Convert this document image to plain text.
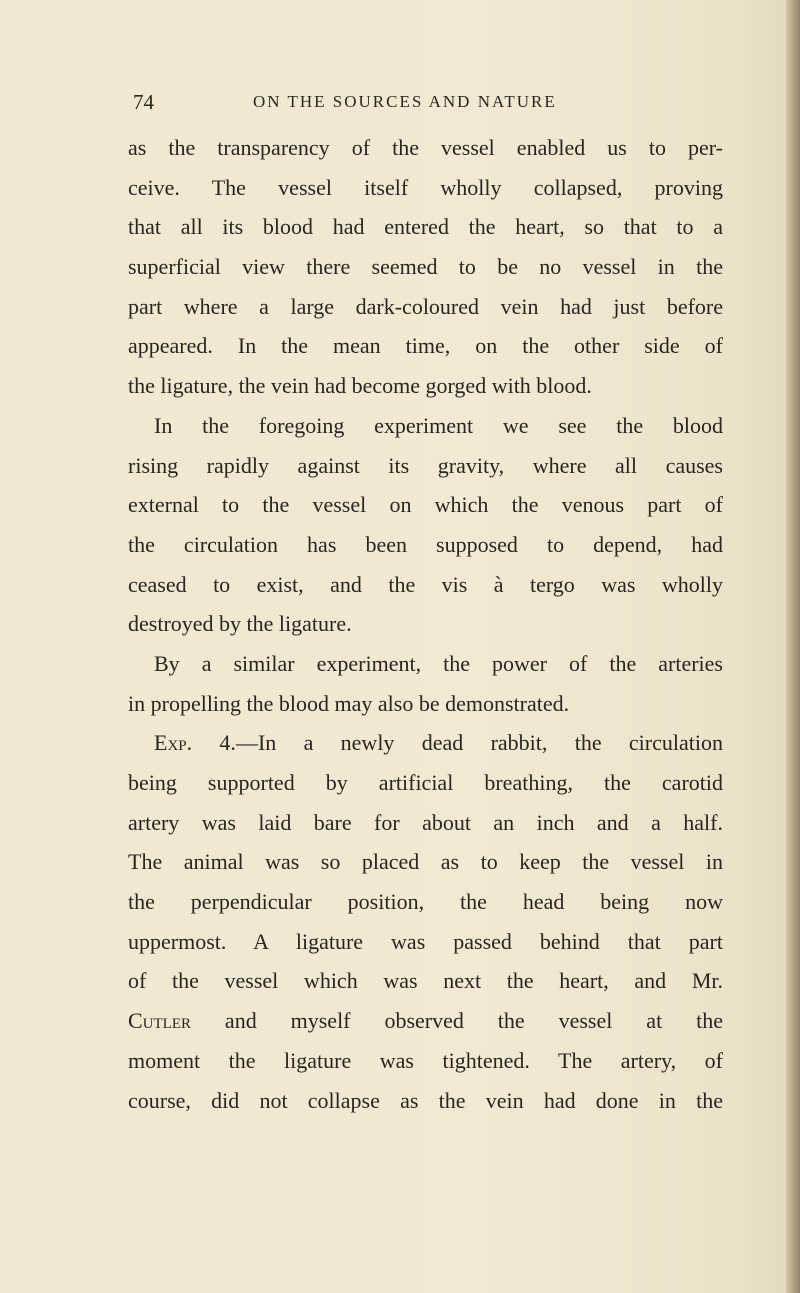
74	ON THE SOURCES AND NATURE
as the transparency of the vessel enabled us to per-
ceive. The vessel itself wholly collapsed, proving
that all its blood had entered the heart, so that to a
superficial view there seemed to be no vessel in the
part where a large dark-coloured vein had just before
appeared. In the mean time, on the other side of
the ligature, the vein had become gorged with blood.
In the foregoing experiment we see the blood
rising rapidly against its gravity, where all causes
external to the vessel on which the venous part of
the circulation has been supposed to depend, had
ceased to exist, and the vis à tergo was wholly
destroyed by the ligature.
By a similar experiment, the power of the arteries
in propelling the blood may also be demonstrated.
Exp. 4.—In a newly dead rabbit, the circulation
being supported by artificial breathing, the carotid
artery was laid bare for about an inch and a half.
The animal was so placed as to keep the vessel in
the perpendicular position, the head being now
uppermost. A ligature was passed behind that part
of the vessel which was next the heart, and Mr.
Cutler and myself observed the vessel at the
moment the ligature was tightened. The artery, of
course, did not collapse as the vein had done in the
